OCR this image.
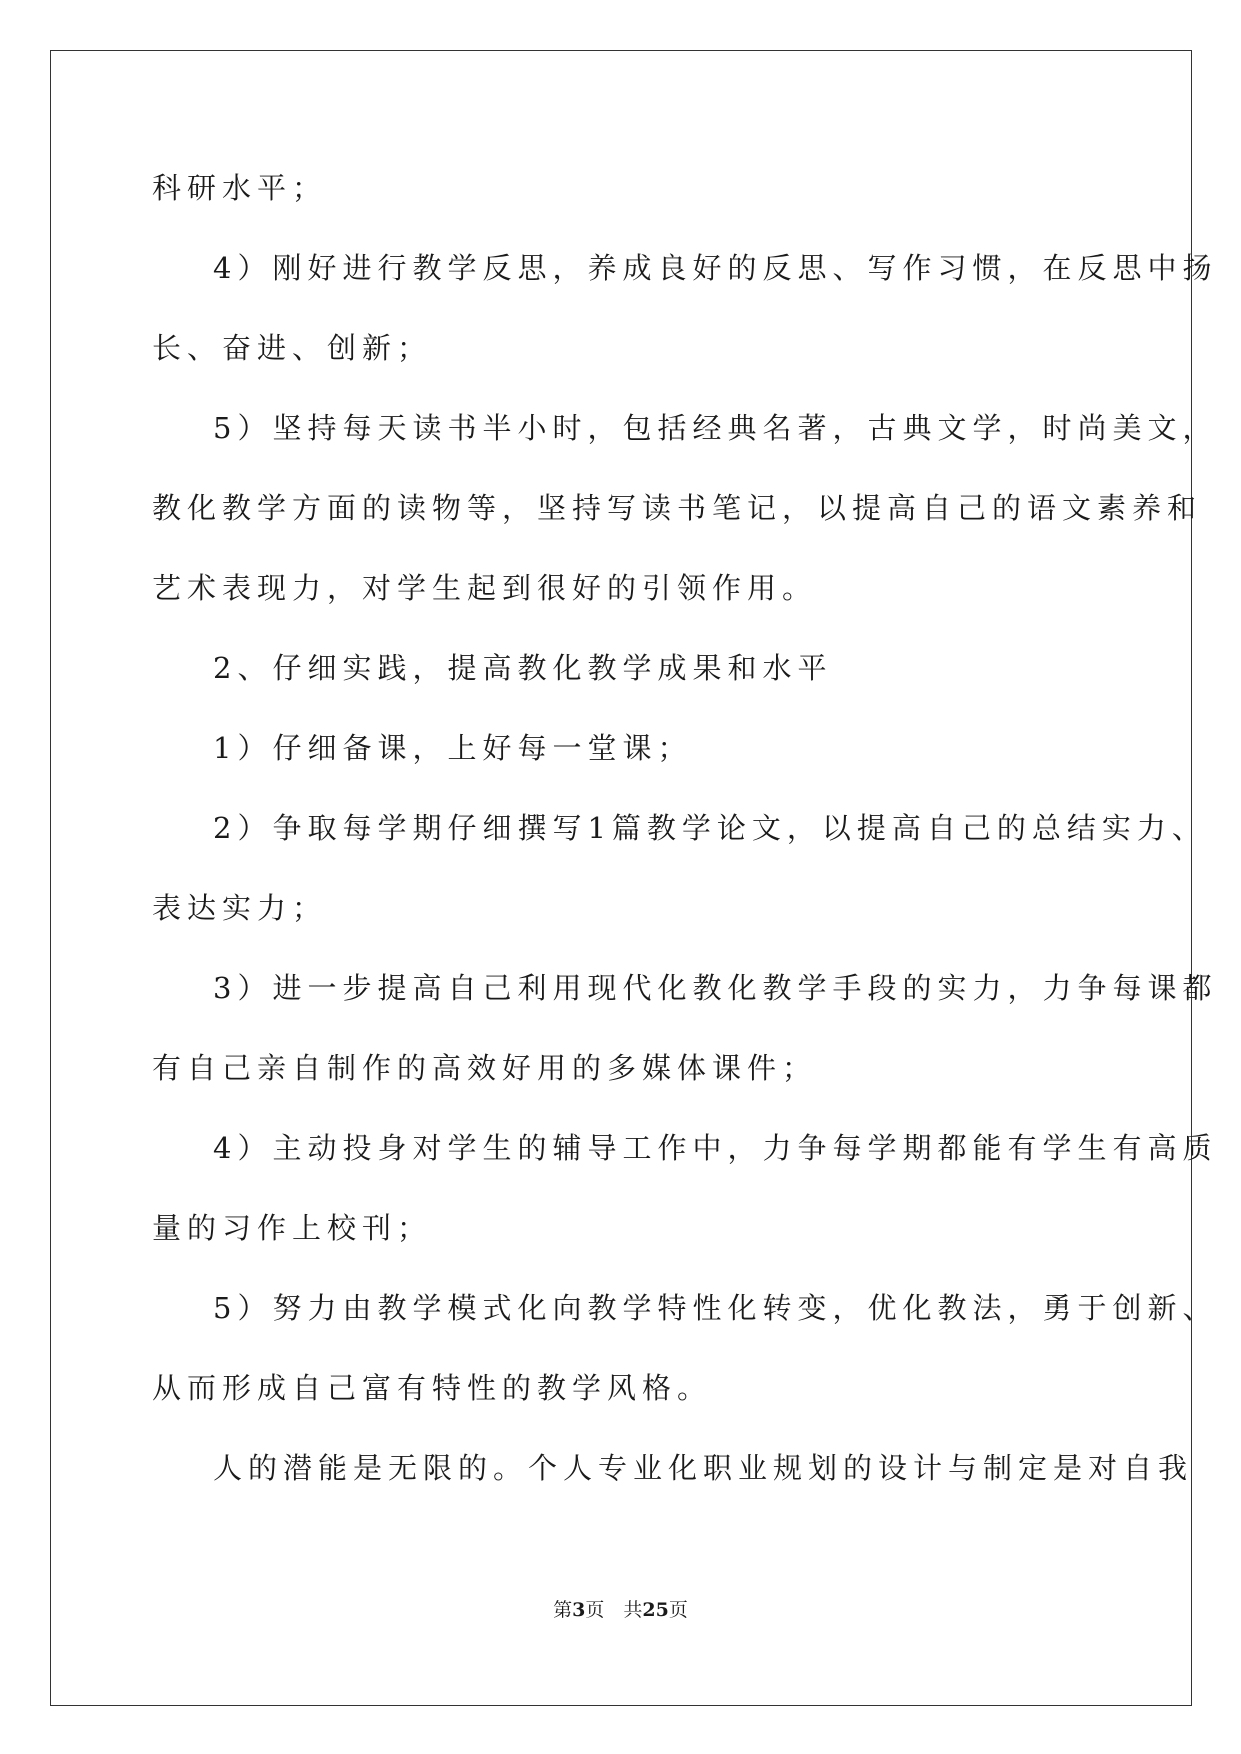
科研水平；
4）刚好进行教学反思，养成良好的反思、写作习惯，在反思中扬
长、奋进、创新；
5）坚持每天读书半小时，包括经典名著，古典文学，时尚美文，
教化教学方面的读物等，坚持写读书笔记，以提高自己的语文素养和
艺术表现力，对学生起到很好的引领作用。
2、仔细实践，提高教化教学成果和水平
1）仔细备课，上好每一堂课；
2）争取每学期仔细撰写1篇教学论文，以提高自己的总结实力、
表达实力；
3）进一步提高自己利用现代化教化教学手段的实力，力争每课都
有自己亲自制作的高效好用的多媒体课件；
4）主动投身对学生的辅导工作中，力争每学期都能有学生有高质
量的习作上校刊；
5）努力由教学模式化向教学特性化转变，优化教法，勇于创新、
从而形成自己富有特性的教学风格。
人的潜能是无限的。个人专业化职业规划的设计与制定是对自我
第3页　共25页
